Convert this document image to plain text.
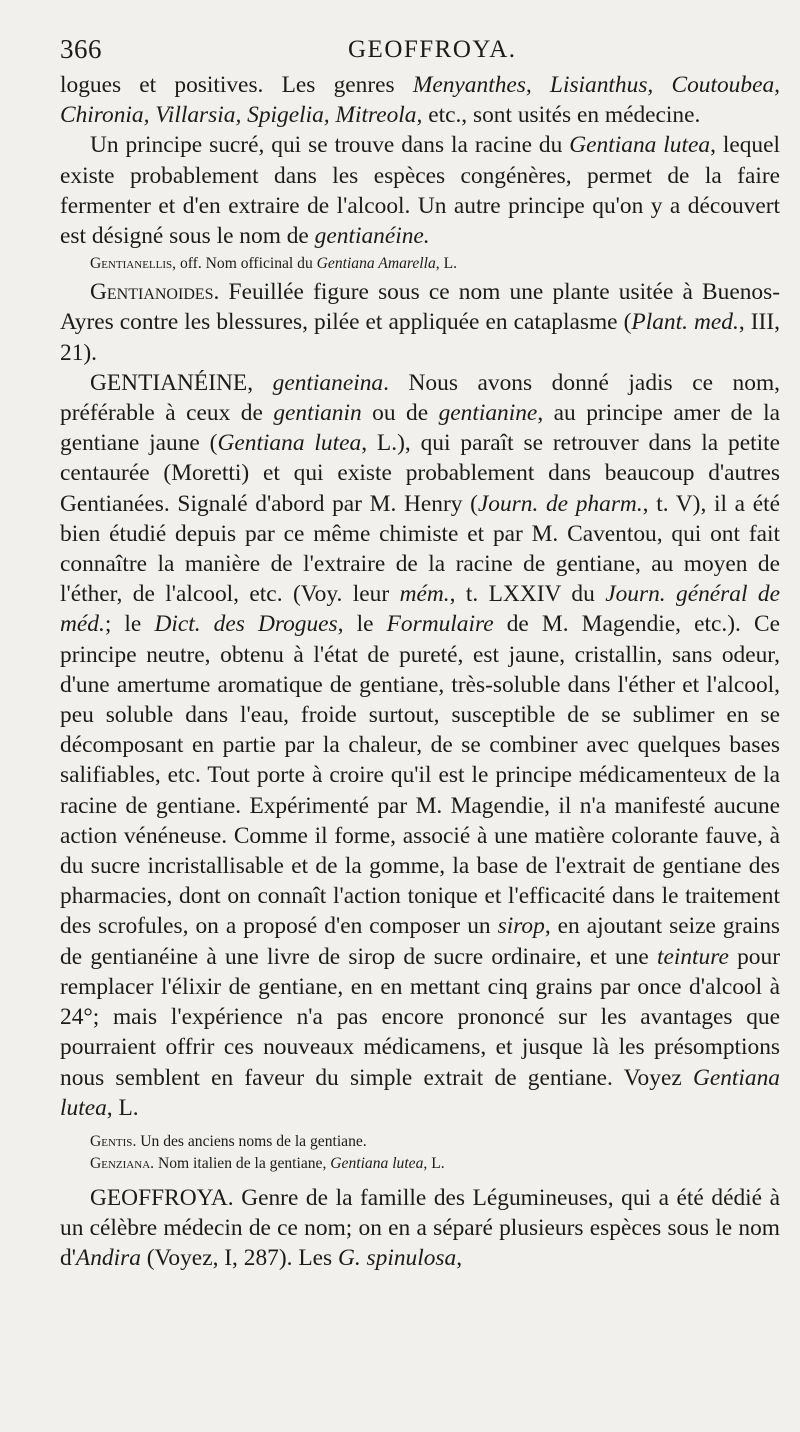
366	GEOFFROYA.

logues et positives. Les genres Menyanthes, Lisianthus, Coutoubea, Chironia, Villarsia, Spigelia, Mitreola, etc., sont usités en médecine.

Un principe sucré, qui se trouve dans la racine du Gentiana lutea, lequel existe probablement dans les espèces congénères, permet de la faire fermenter et d'en extraire de l'alcool. Un autre principe qu'on y a découvert est désigné sous le nom de gentianéine.

Gentianellis, off. Nom officinal du Gentiana Amarella, L.

Gentianoides. Feuillée figure sous ce nom une plante usitée à Buenos-Ayres contre les blessures, pilée et appliquée en cataplasme (Plant. med., III, 21).

GENTIANÉINE, gentianeina. Nous avons donné jadis ce nom, préférable à ceux de gentianin ou de gentianine, au principe amer de la gentiane jaune (Gentiana lutea, L.), qui paraît se retrouver dans la petite centaurée (Moretti) et qui existe probablement dans beaucoup d'autres Gentianées. Signalé d'abord par M. Henry (Journ. de pharm., t. V), il a été bien étudié depuis par ce même chimiste et par M. Caventou, qui ont fait connaître la manière de l'extraire de la racine de gentiane, au moyen de l'éther, de l'alcool, etc. (Voy. leur mém., t. LXXIV du Journ. général de méd.; le Dict. des Drogues, le Formulaire de M. Magendie, etc.). Ce principe neutre, obtenu à l'état de pureté, est jaune, cristallin, sans odeur, d'une amertume aromatique de gentiane, très-soluble dans l'éther et l'alcool, peu soluble dans l'eau, froide surtout, susceptible de se sublimer en se décomposant en partie par la chaleur, de se combiner avec quelques bases salifiables, etc. Tout porte à croire qu'il est le principe médicamenteux de la racine de gentiane. Expérimenté par M. Magendie, il n'a manifesté aucune action vénéneuse. Comme il forme, associé à une matière colorante fauve, à du sucre incristallisable et de la gomme, la base de l'extrait de gentiane des pharmacies, dont on connaît l'action tonique et l'efficacité dans le traitement des scrofules, on a proposé d'en composer un sirop, en ajoutant seize grains de gentianéine à une livre de sirop de sucre ordinaire, et une teinture pour remplacer l'élixir de gentiane, en en mettant cinq grains par once d'alcool à 24°; mais l'expérience n'a pas encore prononcé sur les avantages que pourraient offrir ces nouveaux médicamens, et jusque là les présomptions nous semblent en faveur du simple extrait de gentiane. Voyez Gentiana lutea, L.

Gentis. Un des anciens noms de la gentiane.

Genziana. Nom italien de la gentiane, Gentiana lutea, L.

GEOFFROYA. Genre de la famille des Légumineuses, qui a été dédié à un célèbre médecin de ce nom; on en a séparé plusieurs espèces sous le nom d'Andira (Voyez, I, 287). Les G. spinulosa,
